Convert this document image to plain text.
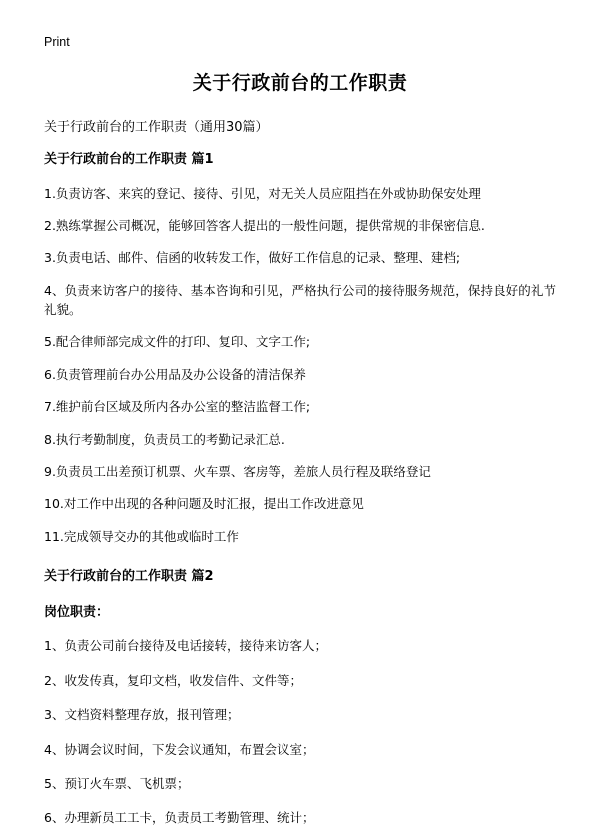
Print
关于行政前台的工作职责

关于行政前台的工作职责（通用30篇）

关于行政前台的工作职责 篇1

1.负责访客、来宾的登记、接待、引见，对无关人员应阻挡在外或协助保安处理

2.熟练掌握公司概况，能够回答客人提出的一般性问题，提供常规的非保密信息.

3.负责电话、邮件、信函的收转发工作，做好工作信息的记录、整理、建档;

4、负责来访客户的接待、基本咨询和引见，严格执行公司的接待服务规范，保持良好的礼节礼貌。

5.配合律师部完成文件的打印、复印、文字工作;

6.负责管理前台办公用品及办公设备的清洁保养

7.维护前台区域及所内各办公室的整洁监督工作;

8.执行考勤制度，负责员工的考勤记录汇总.

9.负责员工出差预订机票、火车票、客房等，差旅人员行程及联络登记

10.对工作中出现的各种问题及时汇报，提出工作改进意见

11.完成领导交办的其他或临时工作

关于行政前台的工作职责 篇2

岗位职责：

1、负责公司前台接待及电话接转，接待来访客人；

2、收发传真，复印文档，收发信件、文件等；

3、文档资料整理存放，报刊管理；

4、协调会议时间，下发会议通知，布置会议室；

5、预订火车票、飞机票；

6、办理新员工工卡，负责员工考勤管理、统计；
